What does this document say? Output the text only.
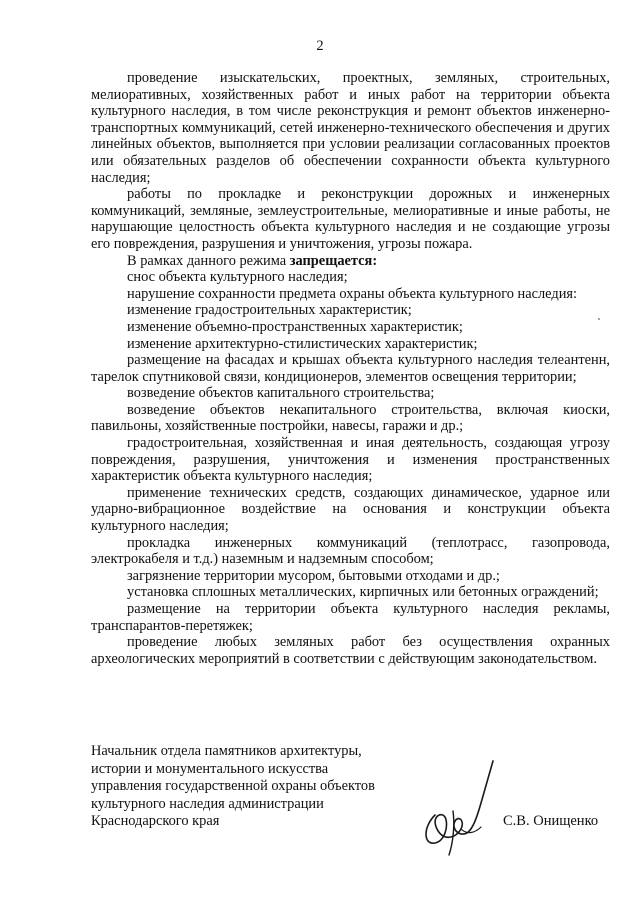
2

проведение изыскательских, проектных, земляных, строительных, мелиоративных, хозяйственных работ и иных работ на территории объекта культурного наследия, в том числе реконструкция и ремонт объектов инженерно-транспортных коммуникаций, сетей инженерно-технического обеспечения и других линейных объектов, выполняется при условии реализации согласованных проектов или обязательных разделов об обеспечении сохранности объекта культурного наследия;

работы по прокладке и реконструкции дорожных и инженерных коммуникаций, земляные, землеустроительные, мелиоративные и иные работы, не нарушающие целостность объекта культурного наследия и не создающие угрозы его повреждения, разрушения и уничтожения, угрозы пожара.

В рамках данного режима запрещается:

снос объекта культурного наследия;

нарушение сохранности предмета охраны объекта культурного наследия:

изменение градостроительных характеристик;

изменение объемно-пространственных характеристик;

изменение архитектурно-стилистических характеристик;

размещение на фасадах и крышах объекта культурного наследия телеантенн, тарелок спутниковой связи, кондиционеров, элементов освещения территории;

возведение объектов капитального строительства;

возведение объектов некапитального строительства, включая киоски, павильоны, хозяйственные постройки, навесы, гаражи и др.;

градостроительная, хозяйственная и иная деятельность, создающая угрозу повреждения, разрушения, уничтожения и изменения пространственных характеристик объекта культурного наследия;

применение технических средств, создающих динамическое, ударное или ударно-вибрационное воздействие на основания и конструкции объекта культурного наследия;

прокладка инженерных коммуникаций (теплотрасс, газопровода, электрокабеля и т.д.) наземным и надземным способом;

загрязнение территории мусором, бытовыми отходами и др.;

установка сплошных металлических, кирпичных или бетонных ограждений;

размещение на территории объекта культурного наследия рекламы, транспарантов-перетяжек;

проведение любых земляных работ без осуществления охранных археологических мероприятий в соответствии с действующим законодательством.

Начальник отдела памятников архитектуры,
истории и монументального искусства
управления государственной охраны объектов
культурного наследия администрации
Краснодарского края	С.В. Онищенко
